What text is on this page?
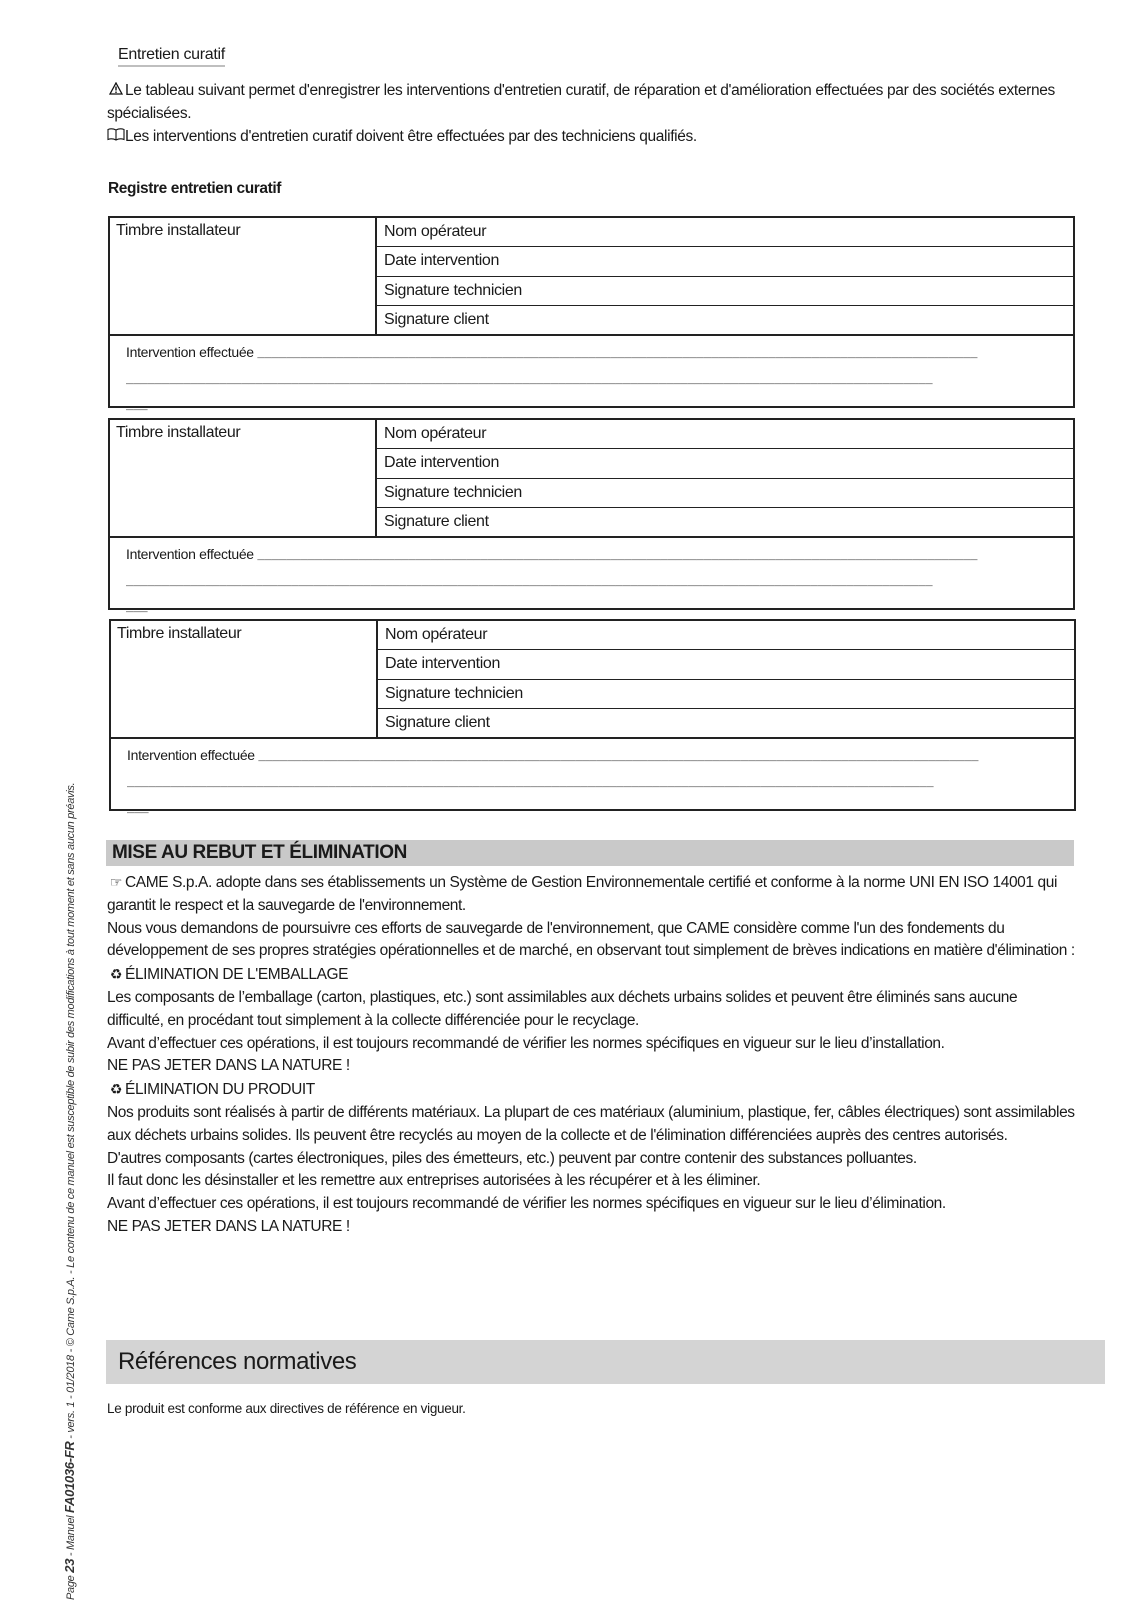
Page 23 - Manuel FA01036-FR - vers. 1 - 01/2018 - © Came S.p.A. - Le contenu de ce manuel est susceptible de subir des modifications à tout moment et sans aucun préavis.
Entretien curatif

Le tableau suivant permet d'enregistrer les interventions d'entretien curatif, de réparation et d'amélioration effectuées par des sociétés externes spécialisées.

Les interventions d'entretien curatif doivent être effectuées par des techniciens qualifiés.

Registre entretien curatif
Timbre installateur	Nom opérateur
Date intervention
Signature technicien
Signature client
Intervention effectuée ____________________________________________________________________________________________________
________________________________________________________________________________________________________________
___
Timbre installateur	Nom opérateur
Date intervention
Signature technicien
Signature client
Intervention effectuée ____________________________________________________________________________________________________
________________________________________________________________________________________________________________
___
Timbre installateur	Nom opérateur
Date intervention
Signature technicien
Signature client
Intervention effectuée ____________________________________________________________________________________________________
________________________________________________________________________________________________________________
___
MISE AU REBUT ET ÉLIMINATION

☞ CAME S.p.A. adopte dans ses établissements un Système de Gestion Environnementale certifié et conforme à la norme UNI EN ISO 14001 qui garantit le respect et la sauvegarde de l'environnement.

Nous vous demandons de poursuivre ces efforts de sauvegarde de l'environnement, que CAME considère comme l'un des fondements du développement de ses propres stratégies opérationnelles et de marché, en observant tout simplement de brèves indications en matière d'élimination :

♻ ÉLIMINATION DE L'EMBALLAGE

Les composants de l’emballage (carton, plastiques, etc.) sont assimilables aux déchets urbains solides et peuvent être éliminés sans aucune difficulté, en procédant tout simplement à la collecte différenciée pour le recyclage.

Avant d’effectuer ces opérations, il est toujours recommandé de vérifier les normes spécifiques en vigueur sur le lieu d’installation.

NE PAS JETER DANS LA NATURE !

♻ ÉLIMINATION DU PRODUIT

Nos produits sont réalisés à partir de différents matériaux. La plupart de ces matériaux (aluminium, plastique, fer, câbles électriques) sont assimilables aux déchets urbains solides. Ils peuvent être recyclés au moyen de la collecte et de l'élimination différenciées auprès des centres autorisés.

D'autres composants (cartes électroniques, piles des émetteurs, etc.) peuvent par contre contenir des substances polluantes.

Il faut donc les désinstaller et les remettre aux entreprises autorisées à les récupérer et à les éliminer.

Avant d’effectuer ces opérations, il est toujours recommandé de vérifier les normes spécifiques en vigueur sur le lieu d’élimination.

NE PAS JETER DANS LA NATURE !

Références normatives
Le produit est conforme aux directives de référence en vigueur.
